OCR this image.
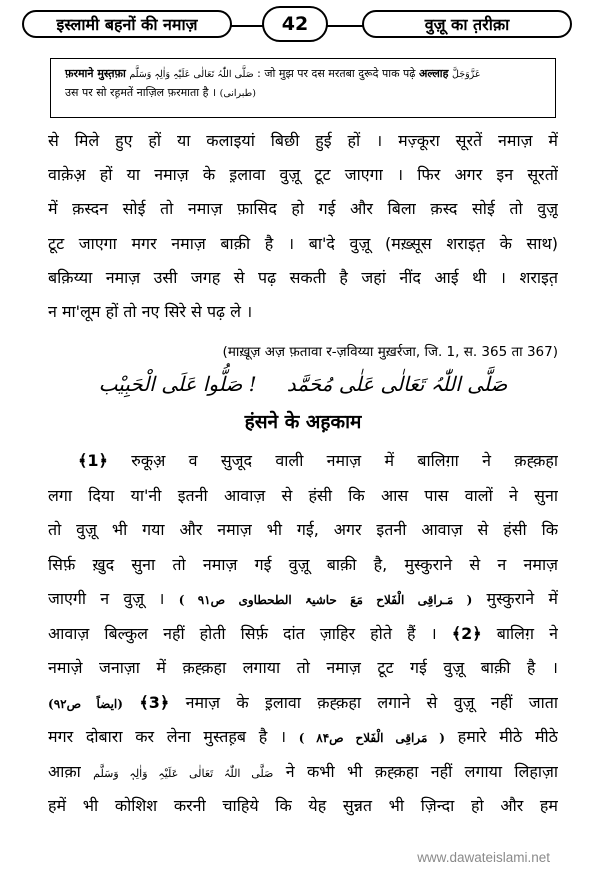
इस्लामी बहनों की नमाज़	42	वुज़ू का त़रीक़ा
फ़रमाने मुस्त़फ़ा صَلَّی اللّٰہُ تَعَالٰی عَلَیْہِ وَاٰلِہٖ وَسَلَّم : जो मुझ पर दस मरतबा दुरूदे पाक पढ़े अल्लाह عَزَّوَجَلَّ
उस पर सो रह़मतें नाज़िल फ़रमाता है । (طبرانی)
से मिले हुए हों या कलाइयां बिछी हुई हों । मज़्कूरा सूरतें नमाज़ में
वाक़ेअ़ हों या नमाज़ के इ़लावा वुज़ू टूट जाएगा । फिर अगर इन सूरतों
में क़स्दन सोई तो नमाज़ फ़ासिद हो गई और बिला क़स्द सोई तो वुज़ू
टूट जाएगा मगर नमाज़ बाक़ी है । बा'दे वुज़ू (मख़्सूस शराइत़ के साथ)
बक़िय्या नमाज़ उसी जगह से पढ़ सकती है जहां नींद आई थी । शराइत़
न मा'लूम हों तो नए सिरे से पढ़ ले ।
(माख़ूज़ अज़ फ़तावा र-ज़विय्या मुख़र्रजा, जि. 1, स. 365 ता 367)
صَلُّوا عَلَی الْحَبِیْب ! صَلَّی اللّٰہُ تَعَالٰی عَلٰی مُحَمَّد
हंसने के अह़काम
﴾1﴿ रुकूअ़ व सुजूद वाली नमाज़ में बालिग़ा ने क़ह्क़हा
लगा दिया या'नी इतनी आवाज़ से हंसी कि आस पास वालों ने सुना
तो वुज़ू भी गया और नमाज़ भी गई, अगर इतनी आवाज़ से हंसी कि
सिर्फ़ ख़ुद सुना तो नमाज़ गई वुज़ू बाक़ी है, मुस्कुराने से न नमाज़
जाएगी न वुज़ू । ( مَـراقِی الْفَلاح مَعَ حاشیۃ الطحطاوی ص۹۱ ) मुस्कुराने में
आवाज़ बिल्कुल नहीं होती सिर्फ़ दांत ज़ाहिर होते हैं । ﴾2﴿ बालिग़ ने
नमाज़े जनाज़ा में क़ह्क़हा लगाया तो नमाज़ टूट गई वुज़ू बाक़ी है ।
(ایضاً ص۹۲) ﴾3﴿ नमाज़ के इ़लावा क़ह्क़हा लगाने से वुज़ू नहीं जाता
मगर दोबारा कर लेना मुस्तह़ब है । ( مَراقِی الْفَلاح ص۸۴ ) हमारे मीठे मीठे
आक़ा صَلَّی اللّٰہُ تَعَالٰی عَلَیْہِ وَاٰلِہٖ وَسَلَّم ने कभी भी क़ह्क़हा नहीं लगाया लिहाज़ा
हमें भी कोशिश करनी चाहिये कि येह सुन्नत भी ज़िन्दा हो और हम
www.dawateislami.net
